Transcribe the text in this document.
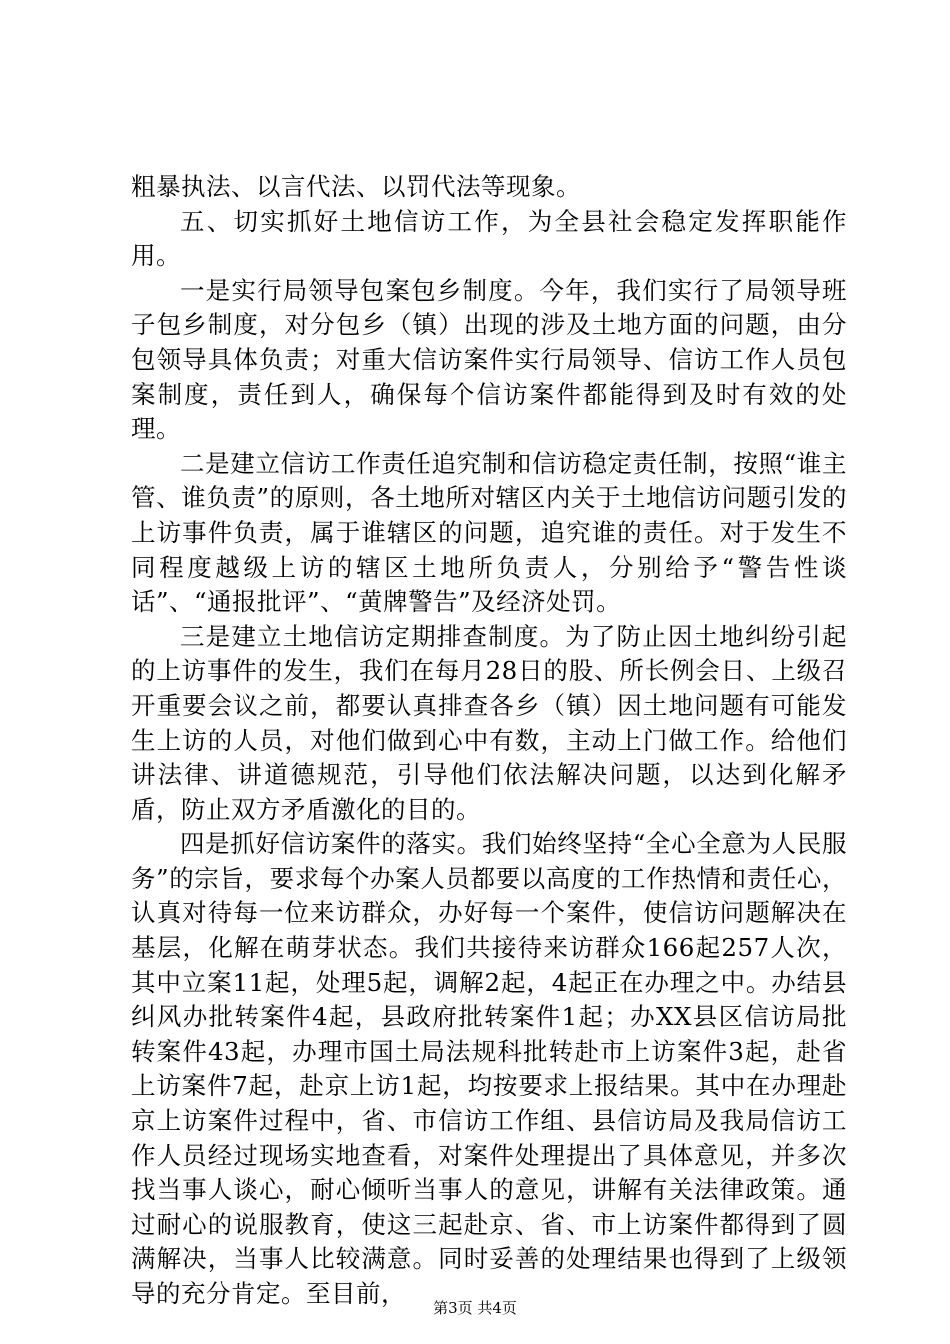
粗暴执法、以言代法、以罚代法等现象。

五、切实抓好土地信访工作，为全县社会稳定发挥职能作用。

一是实行局领导包案包乡制度。今年，我们实行了局领导班子包乡制度，对分包乡（镇）出现的涉及土地方面的问题，由分包领导具体负责；对重大信访案件实行局领导、信访工作人员包案制度，责任到人，确保每个信访案件都能得到及时有效的处理。

二是建立信访工作责任追究制和信访稳定责任制，按照“谁主管、谁负责”的原则，各土地所对辖区内关于土地信访问题引发的上访事件负责，属于谁辖区的问题，追究谁的责任。对于发生不同程度越级上访的辖区土地所负责人，分别给予“警告性谈话”、“通报批评”、“黄牌警告”及经济处罚。

三是建立土地信访定期排查制度。为了防止因土地纠纷引起的上访事件的发生，我们在每月28日的股、所长例会日、上级召开重要会议之前，都要认真排查各乡（镇）因土地问题有可能发生上访的人员，对他们做到心中有数，主动上门做工作。给他们讲法律、讲道德规范，引导他们依法解决问题，以达到化解矛盾，防止双方矛盾激化的目的。

四是抓好信访案件的落实。我们始终坚持“全心全意为人民服务”的宗旨，要求每个办案人员都要以高度的工作热情和责任心，认真对待每一位来访群众，办好每一个案件，使信访问题解决在基层，化解在萌芽状态。我们共接待来访群众166起257人次，其中立案11起，处理5起，调解2起，4起正在办理之中。办结县纠风办批转案件4起，县政府批转案件1起；办XX县区信访局批转案件43起，办理市国土局法规科批转赴市上访案件3起，赴省上访案件7起，赴京上访1起，均按要求上报结果。其中在办理赴京上访案件过程中，省、市信访工作组、县信访局及我局信访工作人员经过现场实地查看，对案件处理提出了具体意见，并多次找当事人谈心，耐心倾听当事人的意见，讲解有关法律政策。通过耐心的说服教育，使这三起赴京、省、市上访案件都得到了圆满解决，当事人比较满意。同时妥善的处理结果也得到了上级领导的充分肯定。至目前，	第3页 共4页
